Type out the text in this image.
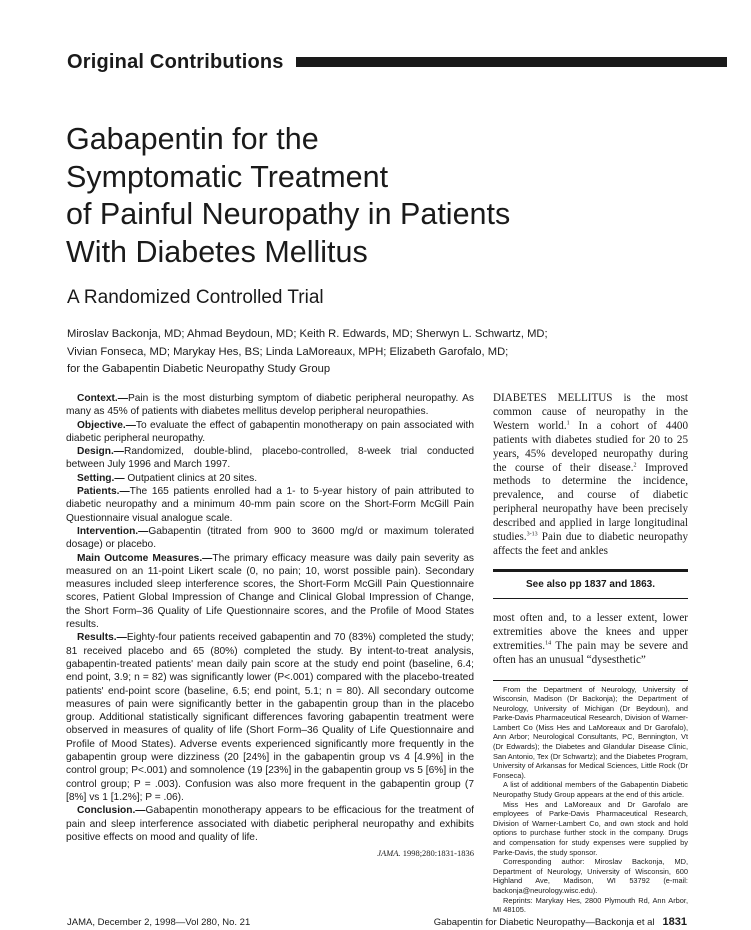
Original Contributions
Gabapentin for the
Symptomatic Treatment
of Painful Neuropathy in Patients
With Diabetes Mellitus
A Randomized Controlled Trial
Miroslav Backonja, MD; Ahmad Beydoun, MD; Keith R. Edwards, MD; Sherwyn L. Schwartz, MD;
Vivian Fonseca, MD; Marykay Hes, BS; Linda LaMoreaux, MPH; Elizabeth Garofalo, MD;
for the Gabapentin Diabetic Neuropathy Study Group

Context.—Pain is the most disturbing symptom of diabetic peripheral neuropathy. As many as 45% of patients with diabetes mellitus develop peripheral neuropathies.

Objective.—To evaluate the effect of gabapentin monotherapy on pain associated with diabetic peripheral neuropathy.

Design.—Randomized, double-blind, placebo-controlled, 8-week trial conducted between July 1996 and March 1997.

Setting.— Outpatient clinics at 20 sites.

Patients.—The 165 patients enrolled had a 1- to 5-year history of pain attributed to diabetic neuropathy and a minimum 40-mm pain score on the Short-Form McGill Pain Questionnaire visual analogue scale.

Intervention.—Gabapentin (titrated from 900 to 3600 mg/d or maximum tolerated dosage) or placebo.

Main Outcome Measures.—The primary efficacy measure was daily pain severity as measured on an 11-point Likert scale (0, no pain; 10, worst possible pain). Secondary measures included sleep interference scores, the Short-Form McGill Pain Questionnaire scores, Patient Global Impression of Change and Clinical Global Impression of Change, the Short Form–36 Quality of Life Questionnaire scores, and the Profile of Mood States results.

Results.—Eighty-four patients received gabapentin and 70 (83%) completed the study; 81 received placebo and 65 (80%) completed the study. By intent-to-treat analysis, gabapentin-treated patients' mean daily pain score at the study end point (baseline, 6.4; end point, 3.9; n = 82) was significantly lower (P<.001) compared with the placebo-treated patients' end-point score (baseline, 6.5; end point, 5.1; n = 80). All secondary outcome measures of pain were significantly better in the gabapentin group than in the placebo group. Additional statistically significant differences favoring gabapentin treatment were observed in measures of quality of life (Short Form–36 Quality of Life Questionnaire and Profile of Mood States). Adverse events experienced significantly more frequently in the gabapentin group were dizziness (20 [24%] in the gabapentin group vs 4 [4.9%] in the control group; P<.001) and somnolence (19 [23%] in the gabapentin group vs 5 [6%] in the control group; P = .003). Confusion was also more frequent in the gabapentin group (7 [8%] vs 1 [1.2%]; P = .06).

Conclusion.—Gabapentin monotherapy appears to be efficacious for the treatment of pain and sleep interference associated with diabetic peripheral neuropathy and exhibits positive effects on mood and quality of life.

JAMA. 1998;280:1831-1836

DIABETES MELLITUS is the most common cause of neuropathy in the Western world.$^1$ In a cohort of 4400 patients with diabetes studied for 20 to 25 years, 45% developed neuropathy during the course of their disease.$^2$ Improved methods to determine the incidence, prevalence, and course of diabetic peripheral neuropathy have been precisely described and applied in large longitudinal studies.$^{3-13}$ Pain due to diabetic neuropathy affects the feet and ankles

See also pp 1837 and 1863.

most often and, to a lesser extent, lower extremities above the knees and upper extremities.$^{14}$ The pain may be severe and often has an unusual “dysesthetic”

From the Department of Neurology, University of Wisconsin, Madison (Dr Backonja); the Department of Neurology, University of Michigan (Dr Beydoun), and Parke-Davis Pharmaceutical Research, Division of Warner-Lambert Co (Miss Hes and LaMoreaux and Dr Garofalo), Ann Arbor; Neurological Consultants, PC, Bennington, Vt (Dr Edwards); the Diabetes and Glandular Disease Clinic, San Antonio, Tex (Dr Schwartz); and the Diabetes Program, University of Arkansas for Medical Sciences, Little Rock (Dr Fonseca).

A list of additional members of the Gabapentin Diabetic Neuropathy Study Group appears at the end of this article.

Miss Hes and LaMoreaux and Dr Garofalo are employees of Parke-Davis Pharmaceutical Research, Division of Warner-Lambert Co, and own stock and hold options to purchase further stock in the company. Drugs and compensation for study expenses were supplied by Parke-Davis, the study sponsor.

Corresponding author: Miroslav Backonja, MD, Department of Neurology, University of Wisconsin, 600 Highland Ave, Madison, WI 53792 (e-mail: backonja@neurology.wisc.edu).

Reprints: Marykay Hes, 2800 Plymouth Rd, Ann Arbor, MI 48105.

JAMA, December 2, 1998—Vol 280, No. 21	Gabapentin for Diabetic Neuropathy—Backonja et al 1831
